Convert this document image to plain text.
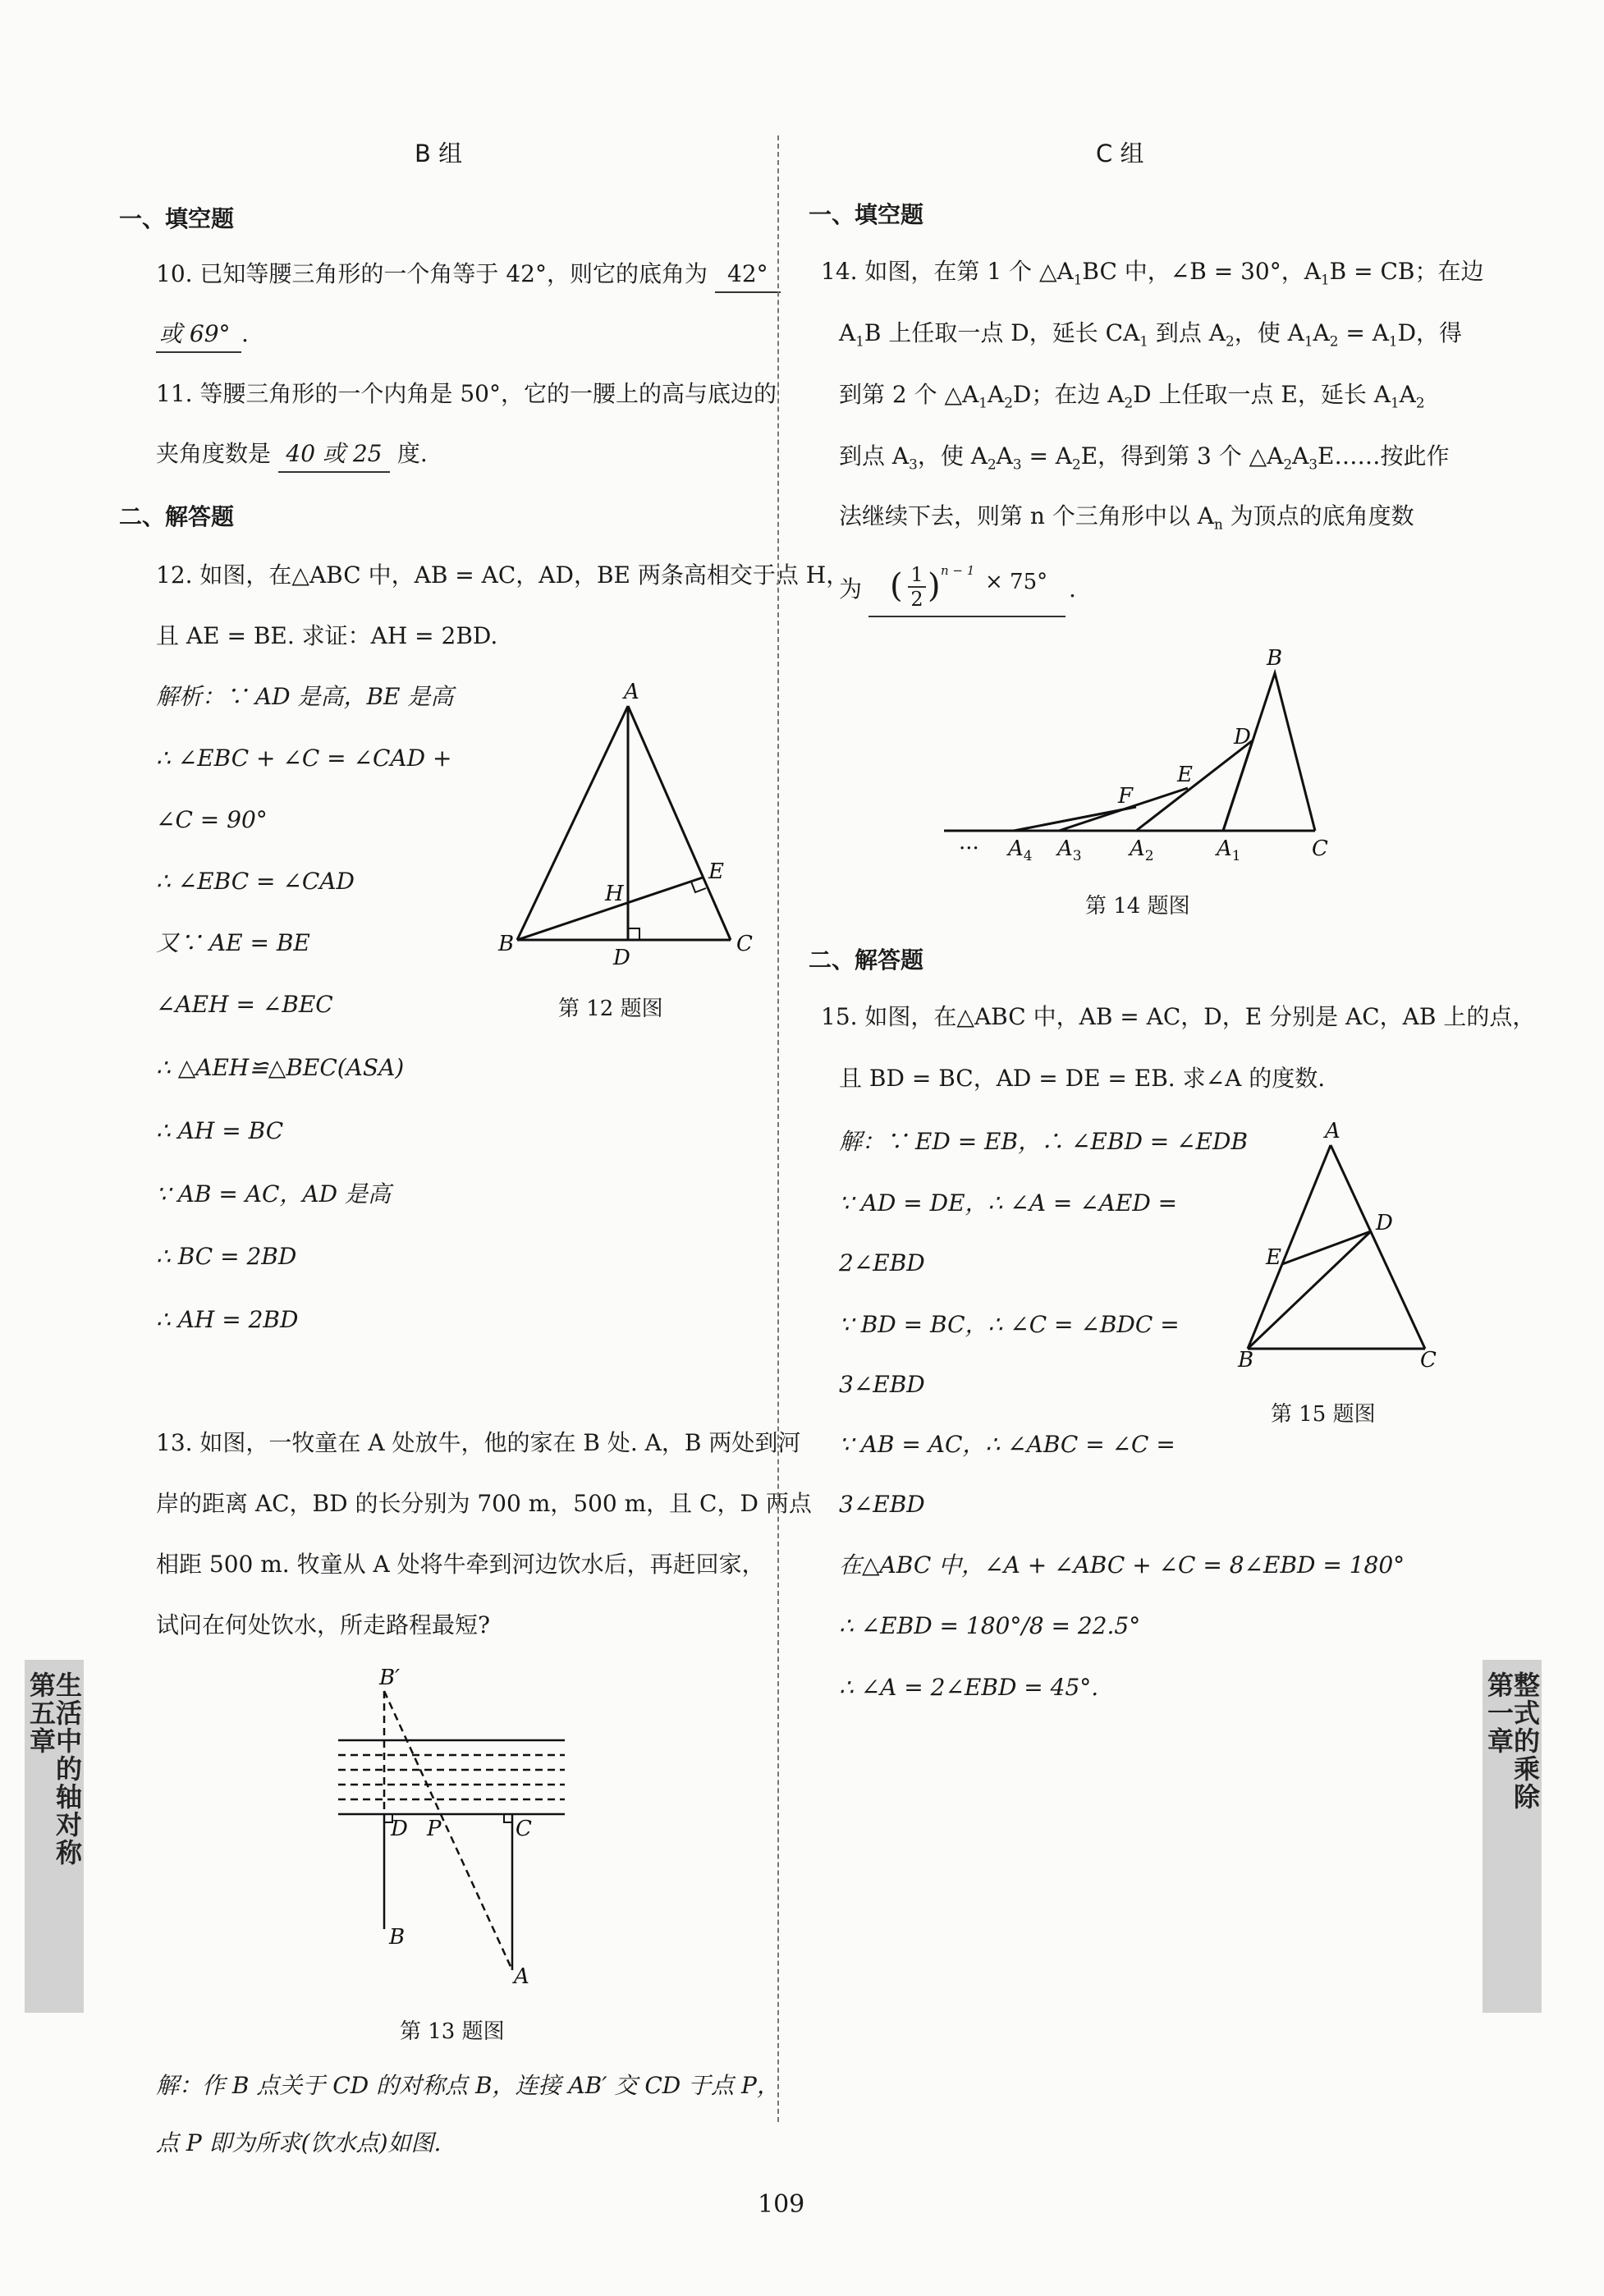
B 组
一、填空题
10. 已知等腰三角形的一个角等于 42°，则它的底角为 42°
或 69° .
11. 等腰三角形的一个内角是 50°，它的一腰上的高与底边的
夹角度数是 40 或 25 度.
二、解答题
12. 如图，在△ABC 中，AB = AC，AD，BE 两条高相交于点 H，
且 AE = BE. 求证：AH = 2BD.
解析：∵ AD 是高，BE 是高
∴ ∠EBC + ∠C = ∠CAD +
∠C = 90°
∴ ∠EBC = ∠CAD
又∵ AE = BE
∠AEH = ∠BEC
∴ △AEH≌△BEC(ASA)
∴ AH = BC
∵ AB = AC，AD 是高
∴ BC = 2BD
∴ AH = 2BD
A
B	C
D
E
H
第 12 题图
13. 如图，一牧童在 A 处放牛，他的家在 B 处. A，B 两处到河
岸的距离 AC，BD 的长分别为 700 m，500 m，且 C，D 两点
相距 500 m. 牧童从 A 处将牛牵到河边饮水后，再赶回家，
试问在何处饮水，所走路程最短?
B′
D P	C
B
A
第 13 题图
解：作 B 点关于 CD 的对称点 B，连接 AB′ 交 CD 于点 P，
点 P 即为所求(饮水点)如图.
C 组
一、填空题
14. 如图，在第 1 个 $\triangle A_1BC$ 中，∠B = 30°，$A_1B$ = CB；在边
$A_1B$ 上任取一点 D，延长 $CA_1$ 到点 $A_2$，使 $A_1A_2 = A_1D$，得
到第 2 个 $\triangle A_1A_2D$；在边 $A_2D$ 上任取一点 E，延长 $A_1A_2$
到点 $A_3$，使 $A_2A_3 = A_2E$，得到第 3 个 $\triangle A_2A_3E\dots\dots$按此作
法继续下去，则第 n 个三角形中以 $A_n$ 为顶点的底角度数
为 ( 1
2 ) n − 1 × 75° .
B
D
E
F
··· $A_4$ $A_3$ $A_2$	$A_1$	C
第 14 题图
二、解答题
15. 如图，在△ABC 中，AB = AC，D，E 分别是 AC，AB 上的点，
且 BD = BC，AD = DE = EB. 求∠A 的度数.
解：∵ ED = EB，∴ ∠EBD = ∠EDB
∵ AD = DE，∴ ∠A = ∠AED =
2∠EBD
∵ BD = BC，∴ ∠C = ∠BDC =
3∠EBD
∵ AB = AC，∴ ∠ABC = ∠C =
3∠EBD
在△ABC 中，∠A + ∠ABC + ∠C = 8∠EBD = 180°
∴ ∠EBD = 180°/8 = 22.5°
∴ ∠A = 2∠EBD = 45°.
A
B	C
D
E
第 15 题图
第五章
生活中的轴对称	第一章
整式的乘除
109
